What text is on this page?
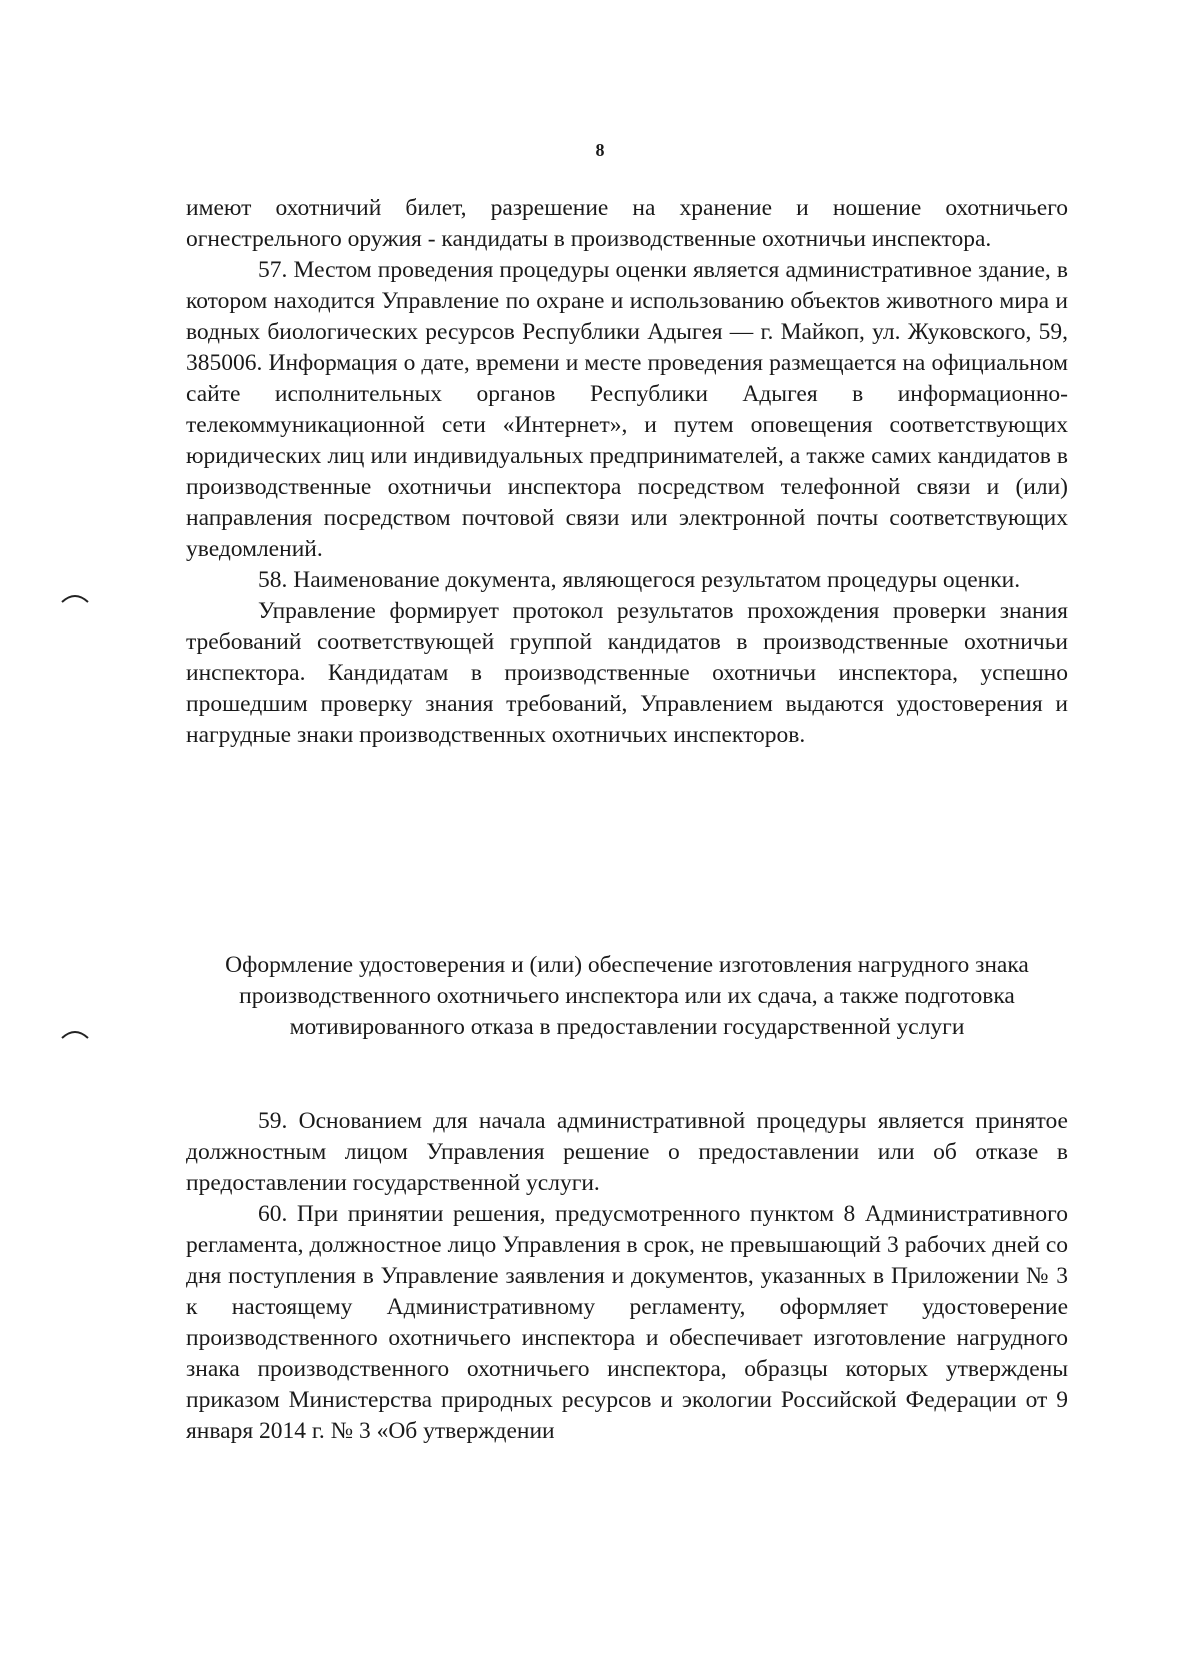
8

имеют охотничий билет, разрешение на хранение и ношение охотничьего огнестрельного оружия - кандидаты в производственные охотничьи инспектора.

57. Местом проведения процедуры оценки является административное здание, в котором находится Управление по охране и использованию объектов животного мира и водных биологических ресурсов Республики Адыгея — г. Майкоп, ул. Жуковского, 59, 385006. Информация о дате, времени и месте проведения размещается на официальном сайте исполнительных органов Республики Адыгея в информационно-телекоммуникационной сети «Интернет», и путем оповещения соответствующих юридических лиц или индивидуальных предпринимателей, а также самих кандидатов в производственные охотничьи инспектора посредством телефонной связи и (или) направления посредством почтовой связи или электронной почты соответствующих уведомлений.

58. Наименование документа, являющегося результатом процедуры оценки.

Управление формирует протокол результатов прохождения проверки знания требований соответствующей группой кандидатов в производственные охотничьи инспектора. Кандидатам в производственные охотничьи инспектора, успешно прошедшим проверку знания требований, Управлением выдаются удостоверения и нагрудные знаки производственных охотничьих инспекторов.

Оформление удостоверения и (или) обеспечение изготовления нагрудного знака производственного охотничьего инспектора или их сдача, а также подготовка мотивированного отказа в предоставлении государственной услуги

59. Основанием для начала административной процедуры является принятое должностным лицом Управления решение о предоставлении или об отказе в предоставлении государственной услуги.

60. При принятии решения, предусмотренного пунктом 8 Административного регламента, должностное лицо Управления в срок, не превышающий 3 рабочих дней со дня поступления в Управление заявления и документов, указанных в Приложении № 3 к настоящему Административному регламенту, оформляет удостоверение производственного охотничьего инспектора и обеспечивает изготовление нагрудного знака производственного охотничьего инспектора, образцы которых утверждены приказом Министерства природных ресурсов и экологии Российской Федерации от 9 января 2014 г. № 3 «Об утверждении
